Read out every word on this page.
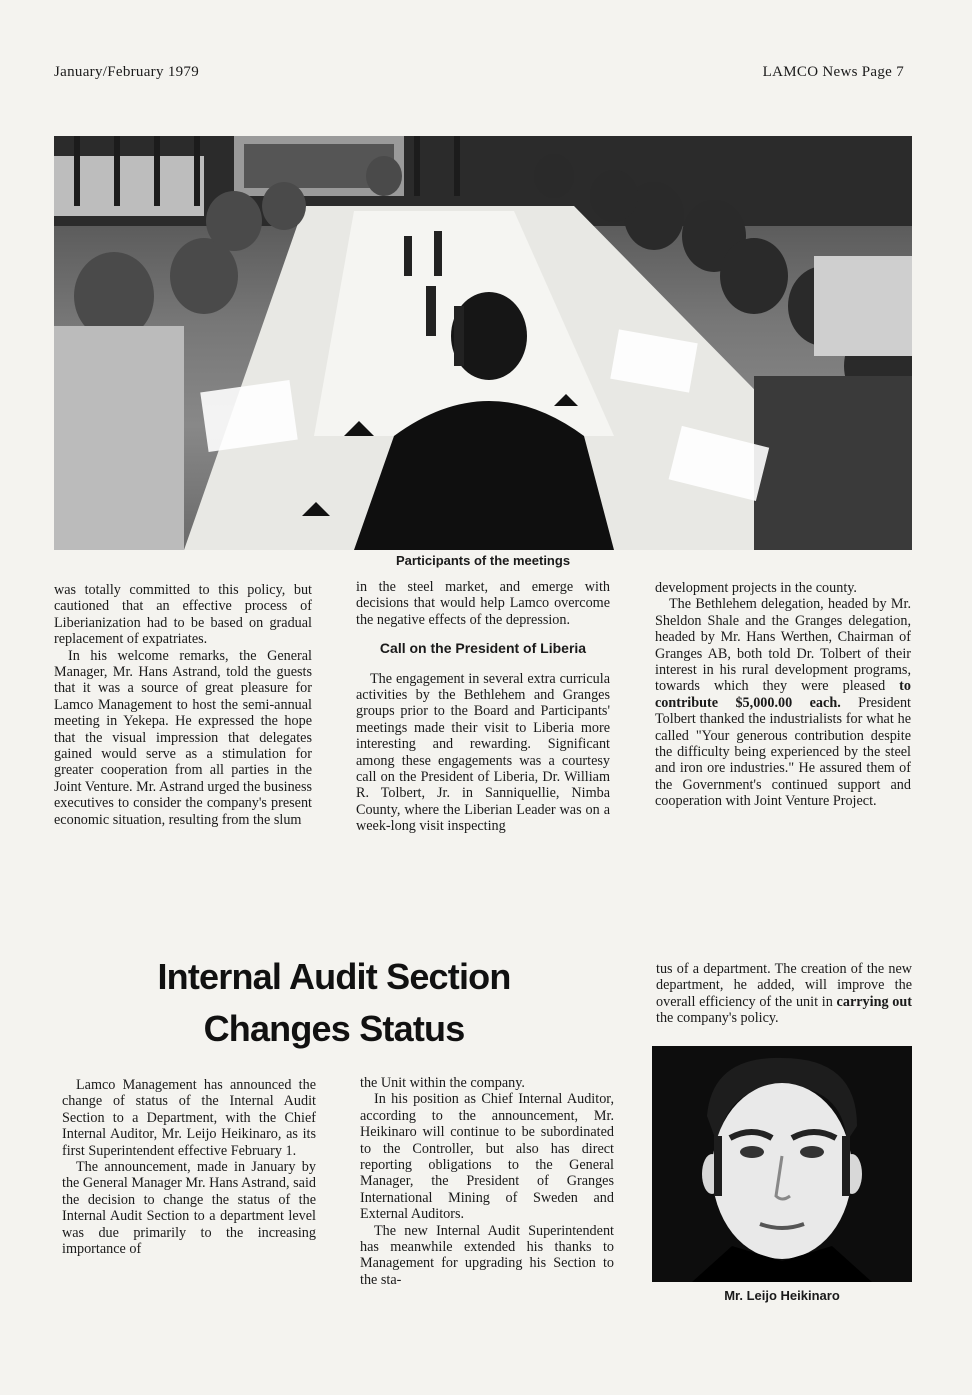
January/February 1979	LAMCO News Page 7
Participants of the meetings

was totally committed to this policy, but cautioned that an effective process of Liberianization had to be based on gradual replacement of expatriates.

In his welcome remarks, the General Manager, Mr. Hans Astrand, told the guests that it was a source of great pleasure for Lamco Management to host the semi-annual meeting in Yekepa. He expressed the hope that the visual impression that delegates gained would serve as a stimulation for greater cooperation from all parties in the Joint Venture. Mr. Astrand urged the business executives to consider the company's present economic situation, resulting from the slum

in the steel market, and emerge with decisions that would help Lamco overcome the negative effects of the depression.

Call on the President of Liberia

The engagement in several extra curricula activities by the Bethlehem and Granges groups prior to the Board and Participants' meetings made their visit to Liberia more interesting and rewarding. Significant among these engagements was a courtesy call on the President of Liberia, Dr. William R. Tolbert, Jr. in Sanniquellie, Nimba County, where the Liberian Leader was on a week-long visit inspecting

development projects in the county.

The Bethlehem delegation, headed by Mr. Sheldon Shale and the Granges delegation, headed by Mr. Hans Werthen, Chairman of Granges AB, both told Dr. Tolbert of their interest in his rural development programs, towards which they were pleased to contribute $5,000.00 each. President Tolbert thanked the industrialists for what he called "Your generous contribution despite the difficulty being experienced by the steel and iron ore industries." He assured them of the Government's continued support and cooperation with Joint Venture Project.

Internal Audit Section
Changes Status

Lamco Management has announced the change of status of the Internal Audit Section to a Department, with the Chief Internal Auditor, Mr. Leijo Heikinaro, as its first Superintendent effective February 1.

The announcement, made in January by the General Manager Mr. Hans Astrand, said the decision to change the status of the Internal Audit Section to a department level was due primarily to the increasing importance of

the Unit within the company.

In his position as Chief Internal Auditor, according to the announcement, Mr. Heikinaro will continue to be subordinated to the Controller, but also has direct reporting obligations to the General Manager, the President of Granges International Mining of Sweden and External Auditors.

The new Internal Audit Superintendent has meanwhile extended his thanks to Management for upgrading his Section to the sta-

tus of a department. The creation of the new department, he added, will improve the overall efficiency of the unit in carrying out the company's policy.

Mr. Leijo Heikinaro
